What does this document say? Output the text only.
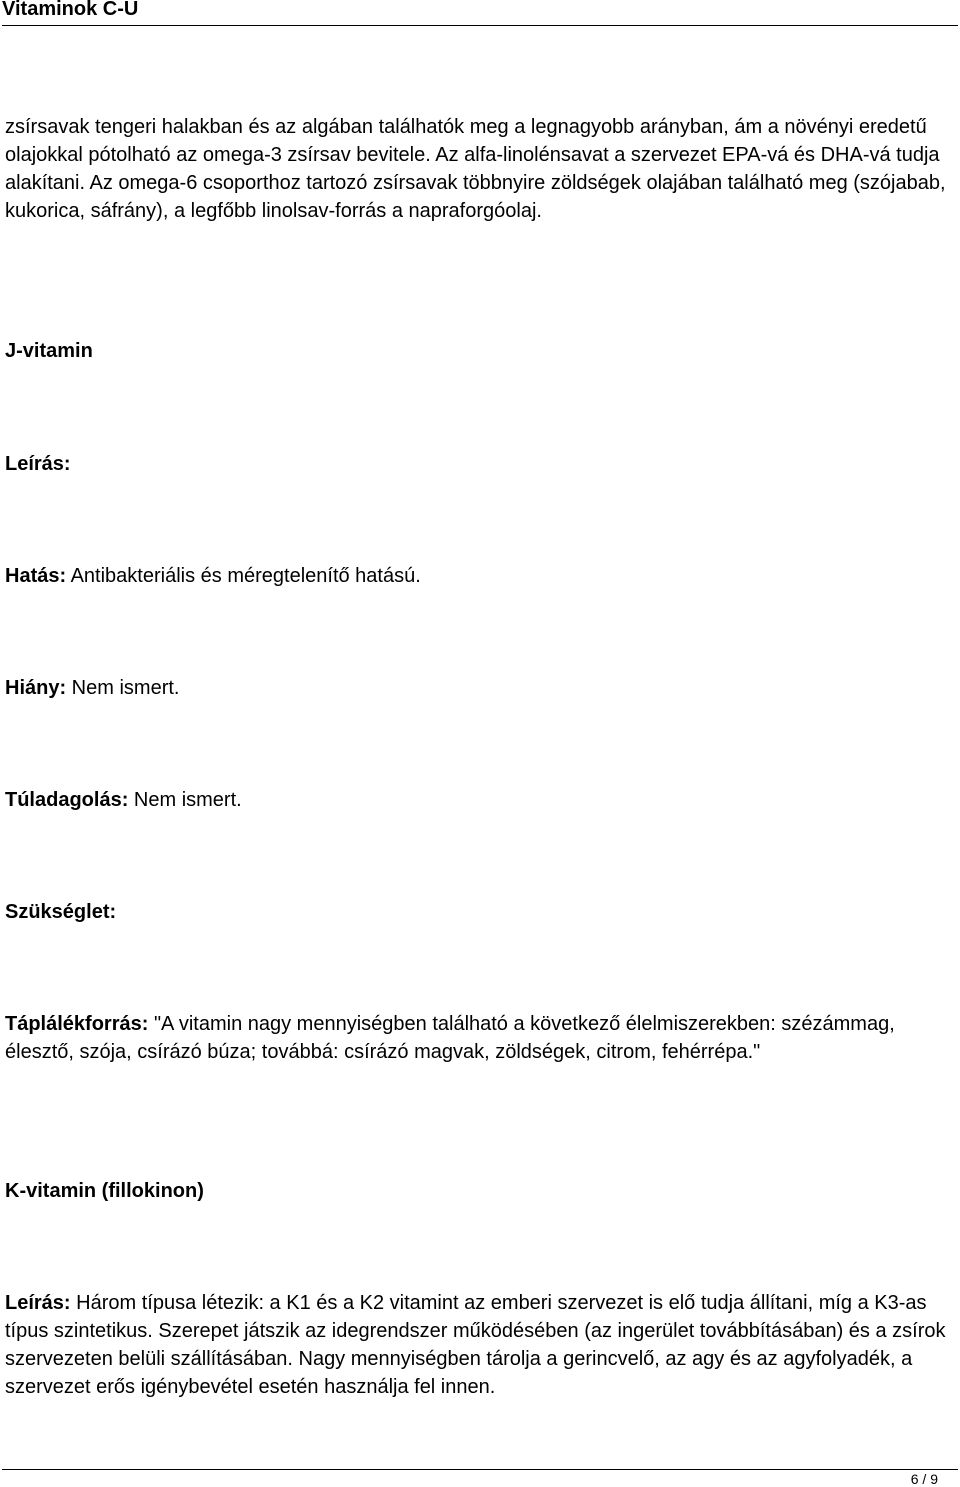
Vitaminok C-U

zsírsavak tengeri halakban és az algában találhatók meg a legnagyobb arányban, ám a növényi eredetű olajokkal pótolható az omega-3 zsírsav bevitele. Az alfa-linolénsavat a szervezet EPA-vá és DHA-vá tudja alakítani. Az omega-6 csoporthoz tartozó zsírsavak többnyire zöldségek olajában található meg (szójabab, kukorica, sáfrány), a legfőbb linolsav-forrás a napraforgóolaj.

J-vitamin

Leírás:

Hatás: Antibakteriális és méregtelenítő hatású.

Hiány: Nem ismert.

Túladagolás: Nem ismert.

Szükséglet:

Táplálékforrás: "A vitamin nagy mennyiségben található a következő élelmiszerekben: szézámmag, élesztő, szója, csírázó búza; továbbá: csírázó magvak, zöldségek, citrom, fehérrépa."

K-vitamin (fillokinon)

Leírás: Három típusa létezik: a K1 és a K2 vitamint az emberi szervezet is elő tudja állítani, míg a K3-as típus szintetikus. Szerepet játszik az idegrendszer működésében (az ingerület továbbításában) és a zsírok szervezeten belüli szállításában. Nagy mennyiségben tárolja a gerincvelő, az agy és az agyfolyadék, a szervezet erős igénybevétel esetén használja fel innen.

6 / 9
